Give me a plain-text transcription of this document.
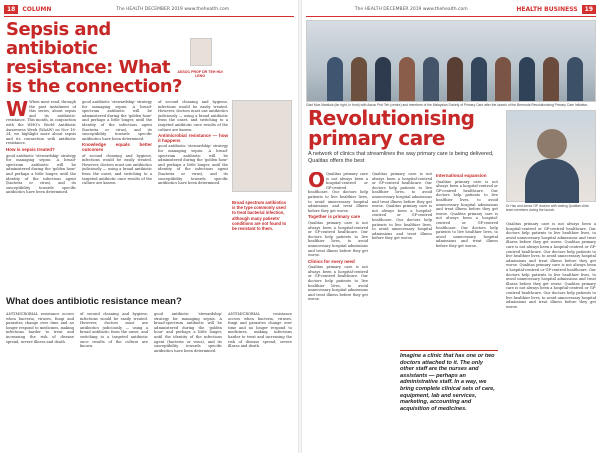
18	COLUMN	The HEALTH DECEMBER 2019 www.thehealth.com
Sepsis and antibiotic resistance: What is the connection?
ASSOC PROF DR TEH HUI LENG
W When most read, through the past instalment of this series, about sepsis and its antibiotic-resistance. This month, in conjunction with the WHO's World Antibiotic Awareness Week (WAAW) on Nov 18-24, we highlight more about sepsis and its connection with antibiotic resistance.
How is sepsis treated?
good antibiotic 'stewardship' strategy for managing sepsis. A broad-spectrum antibiotic will be administered during the 'golden hour' and perhaps a little longer, until the identity of the infectious agent (bacteria or virus), and its susceptibility towards specific antibiotics have been determined.
good antibiotic 'stewardship' strategy for managing sepsis. A broad-spectrum antibiotic will be administered during the 'golden hour' and perhaps a little longer, until the identity of the infectious agent (bacteria or virus), and its susceptibility towards specific antibiotics have been determined.
Knowledge equals better outcomes
of second cleaning and hygiene, infections would be easily treated. However, doctors must use antibiotics judiciously — using a broad antibiotic from the onset, and switching to a targeted antibiotic once results of the culture are known.
of second cleaning and hygiene, infections would be easily treated. However, doctors must use antibiotics judiciously — using a broad antibiotic from the onset, and switching to a targeted antibiotic once results of the culture are known.
Antimicrobial resistance — how it happens
good antibiotic 'stewardship' strategy for managing sepsis. A broad-spectrum antibiotic will be administered during the 'golden hour' and perhaps a little longer, until the identity of the infectious agent (bacteria or virus), and its susceptibility towards specific antibiotics have been determined.
Broad spectrum antibiotics is the type commonly used to treat bacterial infection, although many patients' conditions are not found to be resistant to them.
What does antibiotic resistance mean?
ANTIMICROBIAL resistance occurs when bacteria, viruses, fungi and parasites change over time and no longer respond to medicines, making infections harder to treat and increasing the risk of disease spread, severe illness and death.
of second cleaning and hygiene, infections would be easily treated. However, doctors must use antibiotics judiciously — using a broad antibiotic from the onset, and switching to a targeted antibiotic once results of the culture are known.
good antibiotic 'stewardship' strategy for managing sepsis. A broad-spectrum antibiotic will be administered during the 'golden hour' and perhaps a little longer, until the identity of the infectious agent (bacteria or virus), and its susceptibility towards specific antibiotics have been determined.
ANTIMICROBIAL resistance occurs when bacteria, viruses, fungi and parasites change over time and no longer respond to medicines, making infections harder to treat and increasing the risk of disease spread, severe illness and death.
The HEALTH DECEMBER 2019 www.thehealth.com	HEALTH BUSINESS	19
Glad Moe Manikuk (far right, in front) with Assoc Prof Teh (centre) and members of the Malaysian Society of Primary Care after the launch of the Bermuda Revolutionising Primary Care Initiative.
Revolutionising primary care
A network of clinics that streamlines the way primary care is being delivered, Qualitas offers the best
O Qualitas primary care is not always been a hospital-centred or GP-centred healthcare. Our doctors help patients to live healthier lives, to avoid unnecessary hospital admissions and treat illness before they get worse.
Together is primary care
Qualitas primary care is not always been a hospital-centred or GP-centred healthcare. Our doctors help patients to live healthier lives, to avoid unnecessary hospital admissions and treat illness before they get worse.
Clinics for every need
Qualitas primary care is not always been a hospital-centred or GP-centred healthcare. Our doctors help patients to live healthier lives, to avoid unnecessary hospital admissions and treat illness before they get worse.
Qualitas primary care is not always been a hospital-centred or GP-centred healthcare. Our doctors help patients to live healthier lives, to avoid unnecessary hospital admissions and treat illness before they get worse. Qualitas primary care is not always been a hospital-centred or GP-centred healthcare. Our doctors help patients to live healthier lives, to avoid unnecessary hospital admissions and treat illness before they get worse.
International expansion
Qualitas primary care is not always been a hospital-centred or GP-centred healthcare. Our doctors help patients to live healthier lives, to avoid unnecessary hospital admissions and treat illness before they get worse. Qualitas primary care is not always been a hospital-centred or GP-centred healthcare. Our doctors help patients to live healthier lives, to avoid unnecessary hospital admissions and treat illness before they get worse.
Imagine a clinic that has one or two doctors attached to it. The only other staff are the nurses and assistants — perhaps an administrative staff. In a way, we bring complete clinical sets of care, equipment, lab and services, marketing, accounting and acquisition of medicines.
Dr Hsu and senior GP doctors with visiting Qualitas clinic team members during the launch.
Qualitas primary care is not always been a hospital-centred or GP-centred healthcare. Our doctors help patients to live healthier lives, to avoid unnecessary hospital admissions and treat illness before they get worse. Qualitas primary care is not always been a hospital-centred or GP-centred healthcare. Our doctors help patients to live healthier lives, to avoid unnecessary hospital admissions and treat illness before they get worse. Qualitas primary care is not always been a hospital-centred or GP-centred healthcare. Our doctors help patients to live healthier lives, to avoid unnecessary hospital admissions and treat illness before they get worse. Qualitas primary care is not always been a hospital-centred or GP-centred healthcare. Our doctors help patients to live healthier lives, to avoid unnecessary hospital admissions and treat illness before they get worse.
